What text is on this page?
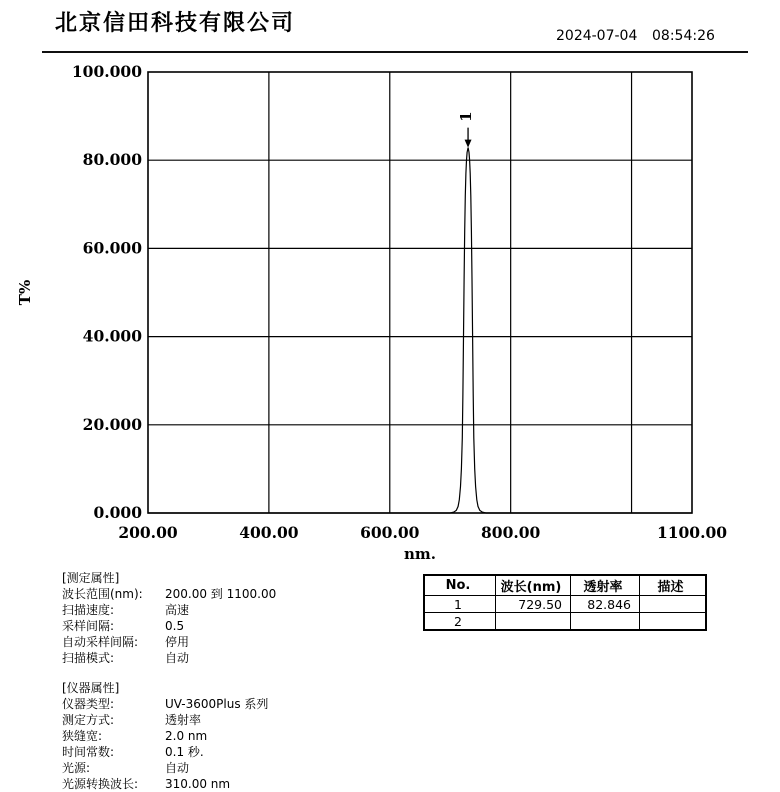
北京信田科技有限公司	2024-07-04 08:54:26
0.000
20.000
40.000
60.000
80.000
100.000
200.00	400.00	600.00	800.00	1100.00
nm.
T%
1
[测定属性]
波长范围(nm):	200.00 到 1100.00
扫描速度:	高速
采样间隔:	0.5
自动采样间隔:	停用
扫描模式:	自动
[仪器属性]
仪器类型:	UV-3600Plus 系列
测定方式:	透射率
狭缝宽:	2.0 nm
时间常数:	0.1 秒.
光源:	自动
光源转换波长:	310.00 nm
No.	波长(nm)	透射率	描述
1	729.50	82.846	
2			
